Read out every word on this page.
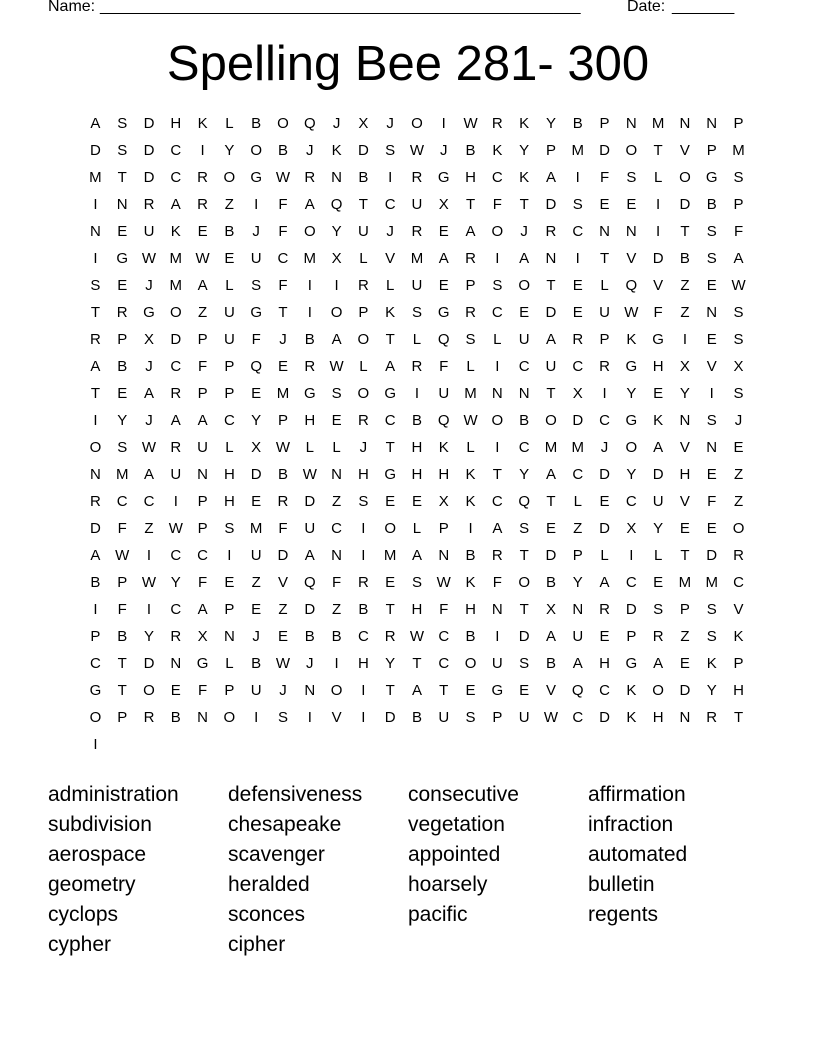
Name: ______________________________________________________	Date: _______
Spelling Bee 281- 300
A	S	D	H	K	L	B	O	Q	J	X	J	O	I	W R	K	Y	B	P	N	M	N	N	P
D	S	D	C	I	Y	O	B	J	K	D	S W	J	B	K	Y	P	M	D	O	T	V	P	M
M	T	D	C	R	O	G W R	N	B	I	R	G	H	C	K	A	I	F	S	L	O	G	S
I	N	R	A	R	Z	I	F	A	Q	T	C	U	X	T	F	T	D	S	E	E	I	D	B	P
N	E	U	K	E	B	J	F	O	Y	U	J	R	E	A	O	J	R	C	N	N	I	T	S	F
I	G W M W E	U	C	M	X	L	V	M	A	R	I	A	N	I	T	V	D	B	S	A
S	E	J	M	A	L	S	F	I	I	R	L	U	E	P	S	O	T	E	L	Q	V	Z	E W
T	R	G	O	Z	U	G	T	I	O	P	K	S	G	R	C	E	D	E	U W	F	Z	N	S
R	P	X	D	P	U	F	J	B	A	O	T	L	Q	S	L	U	A	R	P	K	G	I	E	S
A	B	J	C	F	P	Q	E	R W	L	A	R	F	L	I	C	U	C	R	G	H	X	V	X
T	E	A	R	P	P	E	M G	S	O	G	I	U	M	N	N	T	X	I	Y	E	Y	I	S
I	Y	J	A	A	C	Y	P	H	E	R	C	B	Q W O	B	O	D	C	G	K	N	S	J
O	S W R	U	L	X W	L	L	J	T	H	K	L	I	C	M M	J	O	A	V	N	E
N	M	A	U	N	H	D	B W N	H	G	H	H	K	T	Y	A	C	D	Y	D	H	E	Z
R	C	C	I	P	H	E	R	D	Z	S	E	E	X	K	C	Q	T	L	E	C	U	V	F	Z
D	F	Z	W P	S	M	F	U	C	I	O	L	P	I	A	S	E	Z	D	X	Y	E	E	O
A W	I	C	C	I	U	D	A	N	I	M	A	N	B	R	T	D	P	L	I	L	T	D	R
B	P W Y	F	E	Z	V	Q	F	R	E	S W K	F	O	B	Y	A	C	E	M M	C
I	F	I	C	A	P	E	Z	D	Z	B	T	H	F	H	N	T	X	N	R	D	S	P	S	V
P	B	Y	R	X	N	J	E	B	B	C	R W C	B	I	D	A	U	E	P	R	Z	S	K
C	T	D	N	G	L	B W	J	I	H	Y	T	C	O	U	S	B	A	H	G	A	E	K	P
G	T	O	E	F	P	U	J	N	O	I	T	A	T	E	G	E	V	Q	C	K	O	D	Y	H
O	P	R	B	N	O	I	S	I	V	I	D	B	U	S	P	U W C	D	K	H	N	R	T
I
administration	defensiveness	consecutive	affirmation
subdivision	chesapeake	vegetation	infraction
aerospace	scavenger	appointed	automated
geometry	heralded	hoarsely	bulletin
cyclops	sconces	pacific	regents
cypher	cipher
